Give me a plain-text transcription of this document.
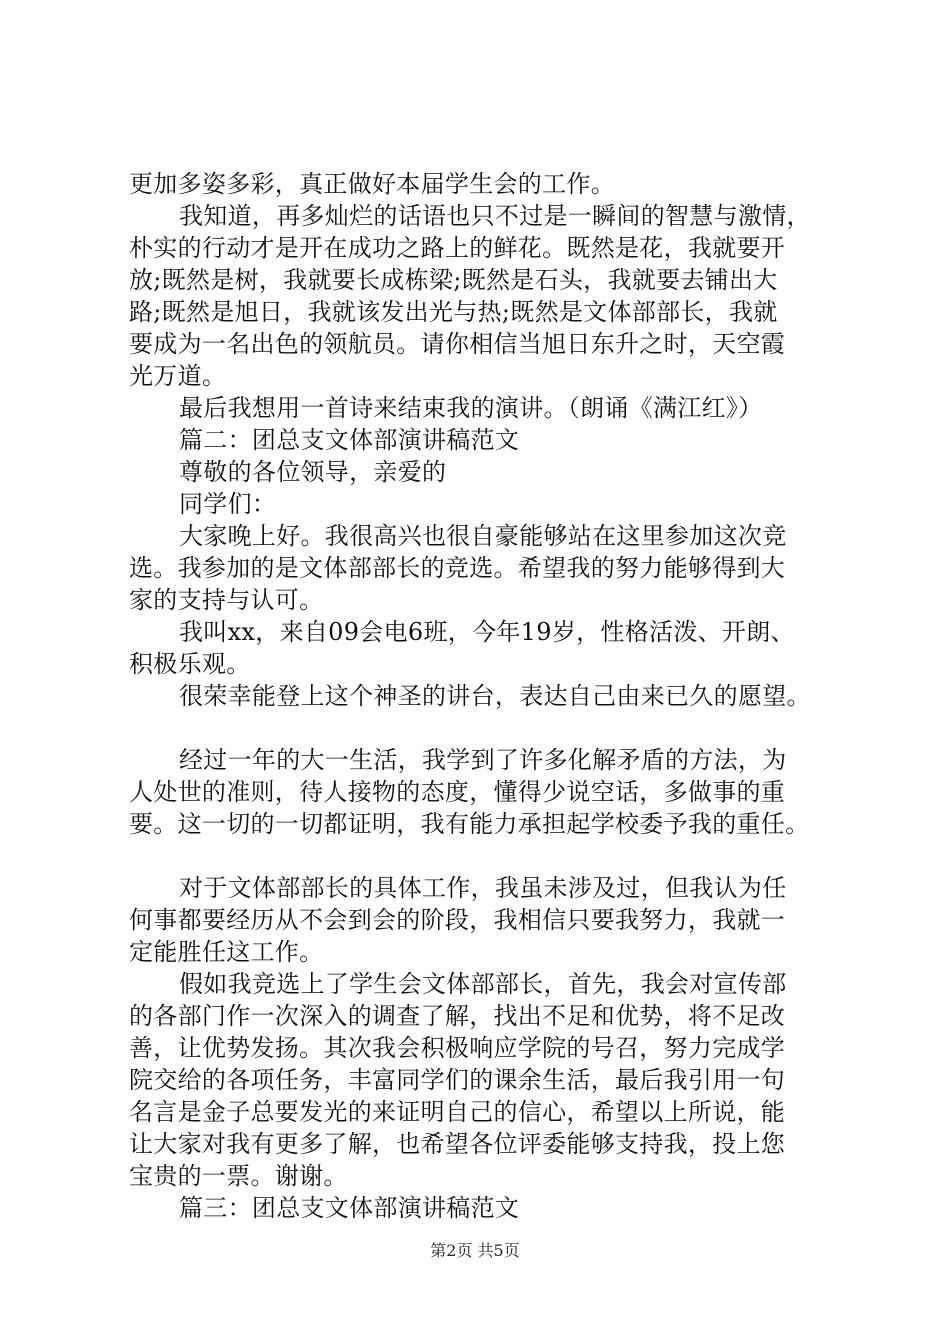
更加多姿多彩，真正做好本届学生会的工作。
我知道，再多灿烂的话语也只不过是一瞬间的智慧与激情，
朴实的行动才是开在成功之路上的鲜花。既然是花，我就要开
放;既然是树，我就要长成栋梁;既然是石头，我就要去铺出大
路;既然是旭日，我就该发出光与热;既然是文体部部长，我就
要成为一名出色的领航员。请你相信当旭日东升之时，天空霞
光万道。
最后我想用一首诗来结束我的演讲。（朗诵《满江红》）
篇二：团总支文体部演讲稿范文
尊敬的各位领导，亲爱的
同学们：
大家晚上好。我很高兴也很自豪能够站在这里参加这次竞
选。我参加的是文体部部长的竞选。希望我的努力能够得到大
家的支持与认可。
我叫xx，来自09会电6班，今年19岁，性格活泼、开朗、
积极乐观。
很荣幸能登上这个神圣的讲台，表达自己由来已久的愿望。
经过一年的大一生活，我学到了许多化解矛盾的方法，为
人处世的准则，待人接物的态度，懂得少说空话，多做事的重
要。这一切的一切都证明，我有能力承担起学校委予我的重任。
对于文体部部长的具体工作，我虽未涉及过，但我认为任
何事都要经历从不会到会的阶段，我相信只要我努力，我就一
定能胜任这工作。
假如我竞选上了学生会文体部部长，首先，我会对宣传部
的各部门作一次深入的调查了解，找出不足和优势，将不足改
善，让优势发扬。其次我会积极响应学院的号召，努力完成学
院交给的各项任务，丰富同学们的课余生活，最后我引用一句
名言是金子总要发光的来证明自己的信心，希望以上所说，能
让大家对我有更多了解，也希望各位评委能够支持我，投上您
宝贵的一票。谢谢。
篇三：团总支文体部演讲稿范文
第2页 共5页
